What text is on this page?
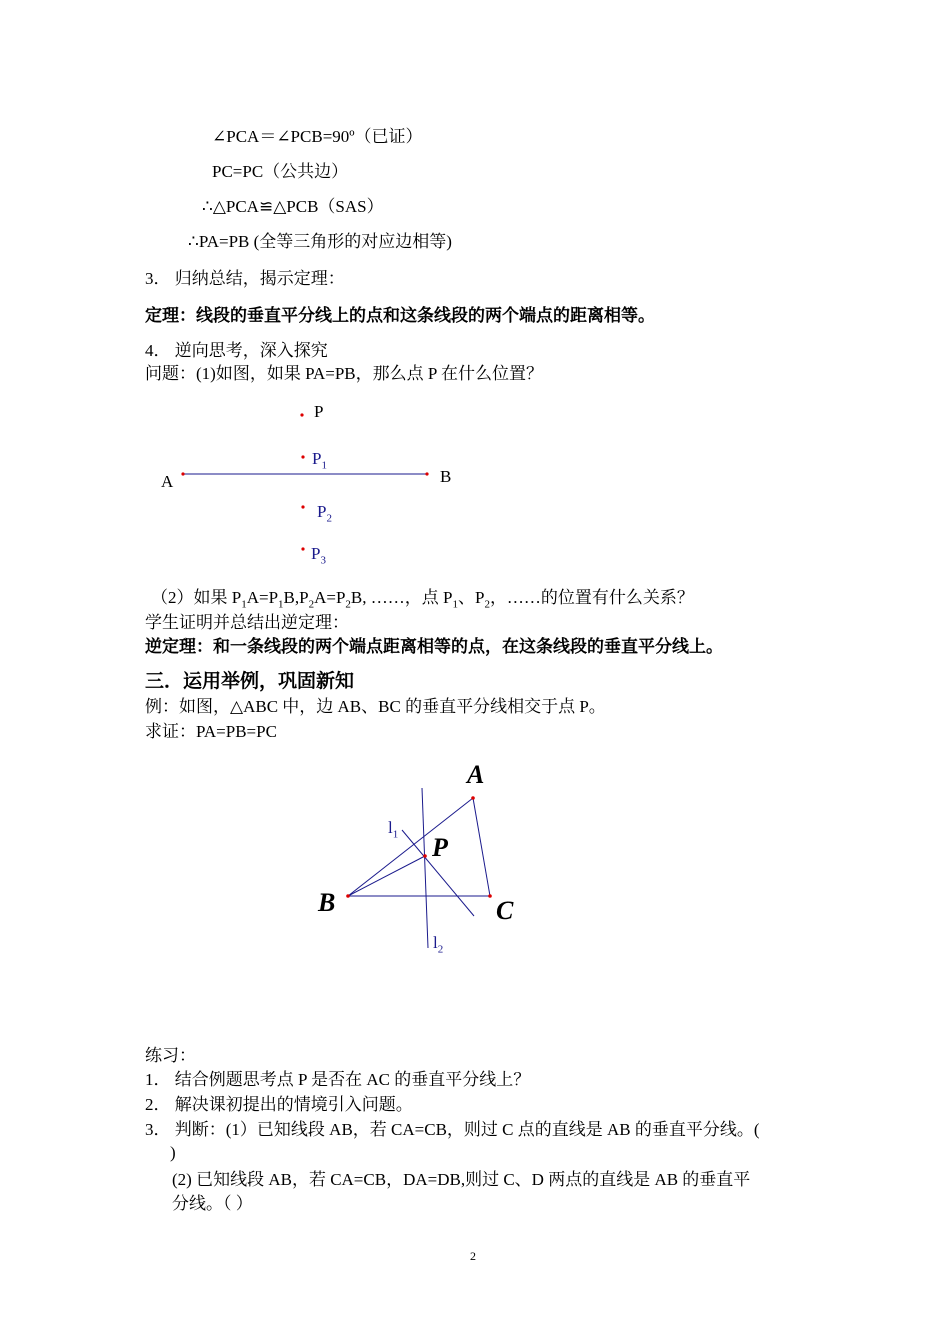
∠PCA＝∠PCB=90º（已证）
PC=PC（公共边）
∴△PCA≌△PCB（SAS）
∴PA=PB (全等三角形的对应边相等)
3． 归纳总结，揭示定理：
定理：线段的垂直平分线上的点和这条线段的两个端点的距离相等。
4． 逆向思考，深入探究
问题：(1)如图，如果 PA=PB，那么点 P 在什么位置？
A	B
P
$P_1$
$P_2$
$P_3$
（2）如果 $P_1A=P_1B,P_2A=P_2B$, ……，点 $P_1$、$P_2$，……的位置有什么关系？
学生证明并总结出逆定理：
逆定理：和一条线段的两个端点距离相等的点，在这条线段的垂直平分线上。
三．运用举例，巩固新知
例：如图，△ABC 中，边 AB、BC 的垂直平分线相交于点 P。
求证：PA=PB=PC
A
B	C
P
$l_1$
$l_2$
练习：
1． 结合例题思考点 P 是否在 AC 的垂直平分线上？
2． 解决课初提出的情境引入问题。
3． 判断：(1）已知线段 AB，若 CA=CB，则过 C 点的直线是 AB 的垂直平分线。(
)
(2) 已知线段 AB，若 CA=CB，DA=DB,则过 C、D 两点的直线是 AB 的垂直平
分线。（ ）
2
